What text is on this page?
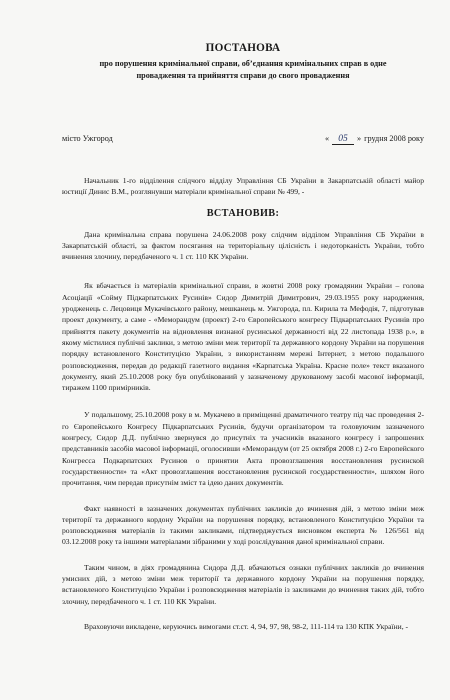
ПОСТАНОВА
про порушення кримінальної справи, об’єднання кримінальних справ в одне провадження та прийняття справи до свого провадження
місто Ужгород	« 05	» грудня 2008 року

Начальник 1-го відділення слідчого відділу Управління СБ України в Закарпатській області майор юстиції Динис В.М., розглянувши матеріали кримінальної справи № 499, -

ВСТАНОВИВ:

Дана кримінальна справа порушена 24.06.2008 року слідчим відділом Управління СБ України в Закарпатській області, за фактом посягання на територіальну цілісність і недоторканість України, тобто вчинення злочину, передбаченого ч. 1 ст. 110 КК України.

Як вбачається із матеріалів кримінальної справи, в жовтні 2008 року громадянин України – голова Асоціації «Сойму Підкарпатських Русинів» Сидор Димитрій Димитрович, 29.03.1955 року народження, уродженець с. Лецовиця Мукачівського району, мешканець м. Ужгорода, пл. Кирила та Мефодія, 7, підготував проект документу, а саме - «Меморандум (проект) 2-го Європейського конгресу Підкарпатських Русинів про прийняття пакету документів на відновлення визнаної русинської державності від 22 листопада 1938 р.», в якому містилися публічні заклики, з метою зміни меж території та державного кордону України на порушення порядку встановленого Конституцією України, з використанням мережі Інтернет, з метою подальшого розповсюдження, передав до редакції газетного видання «Карпатська Україна. Красне поле» текст вказаного документу, який 25.10.2008 року був опублікований у зазначеному друкованому засобі масової інформації, тиражем 1100 примірників.

У подальшому, 25.10.2008 року в м. Мукачево в приміщенні драматичного театру під час проведення 2-го Європейського Конгресу Підкарпатських Русинів, будучи організатором та головуючим зазначеного конгресу, Сидор Д.Д. публічно звернувся до присутніх та учасників вказаного конгресу і запрошених представників засобів масової інформації, оголосивши «Меморандум (от 25 октября 2008 г.) 2-го Европейского Конгресса Подкарпатских Русинов о принятии Акта провозглашения восстановления русинской государственности» та «Акт провозглашения восстановления русинской государственности», шляхом його прочитання, чим передав присутнім зміст та ідею даних документів.

Факт наявності в зазначених документах публічних закликів до вчинення дій, з метою зміни меж території та державного кордону України на порушення порядку, встановленого Конституцією України та розповсюдження матеріалів із такими закликами, підтверджується висновком експерта № 126/561 від 03.12.2008 року та іншими матеріалами зібраними у ході розслідування даної кримінальної справи.

Таким чином, в діях громадянина Сидора Д.Д. вбачаються ознаки публічних закликів до вчинення умисних дій, з метою зміни меж території та державного кордону України на порушення порядку, встановленого Конституцією України і розповсюдження матеріалів із закликами до вчинення таких дій, тобто злочину, передбаченого ч. 1 ст. 110 КК України.

Враховуючи викладене, керуючись вимогами ст.ст. 4, 94, 97, 98, 98-2, 111-114 та 130 КПК України, -
